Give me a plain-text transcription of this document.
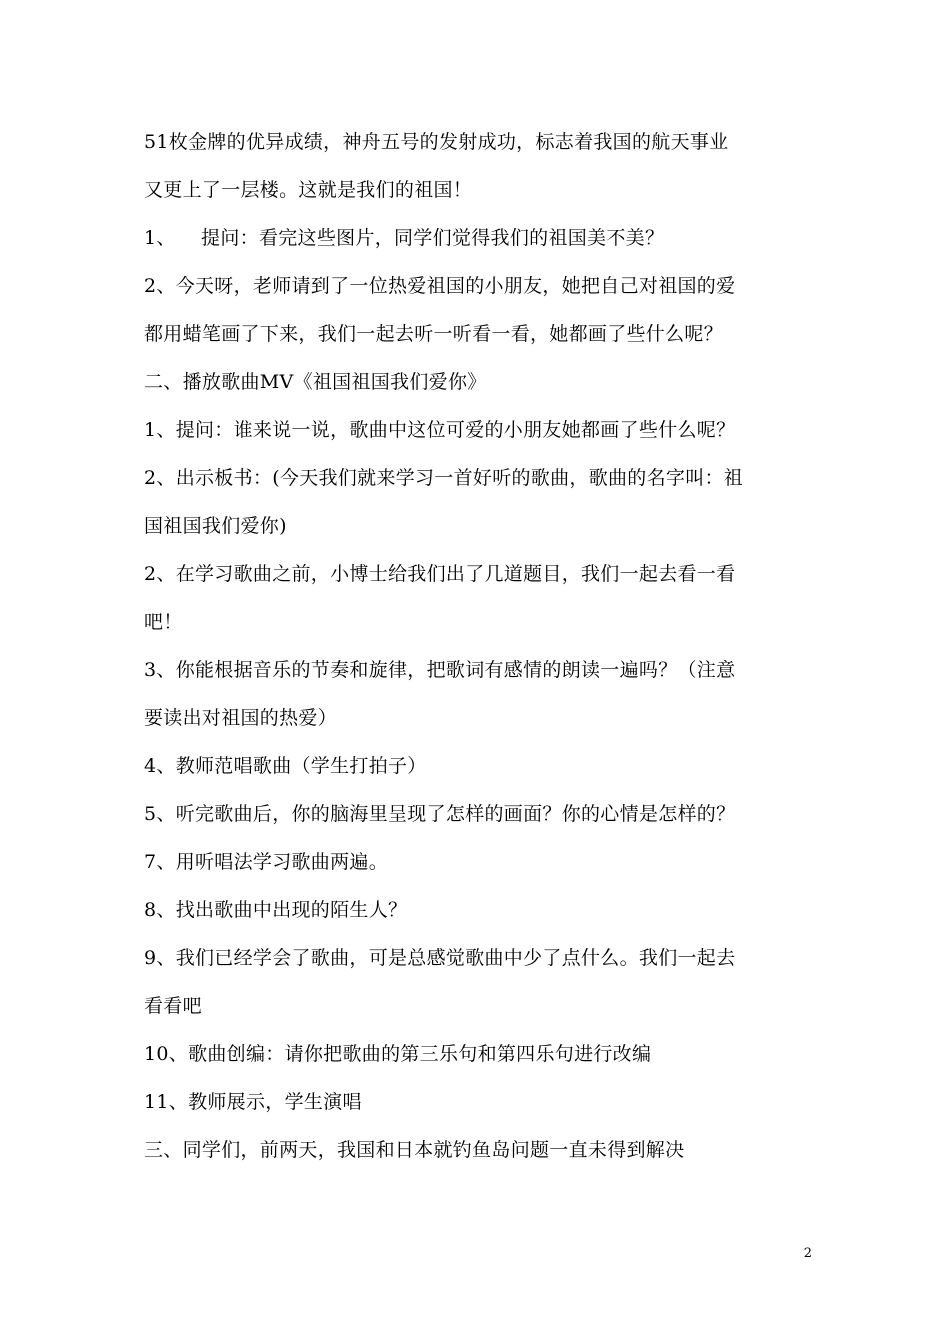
51枚金牌的优异成绩，神舟五号的发射成功，标志着我国的航天事业
又更上了一层楼。这就是我们的祖国！
1、    提问：看完这些图片，同学们觉得我们的祖国美不美？
2、今天呀，老师请到了一位热爱祖国的小朋友，她把自己对祖国的爱
都用蜡笔画了下来，我们一起去听一听看一看，她都画了些什么呢？
二、播放歌曲MV《祖国祖国我们爱你》
1、提问：谁来说一说，歌曲中这位可爱的小朋友她都画了些什么呢？
2、出示板书：(今天我们就来学习一首好听的歌曲，歌曲的名字叫：祖
国祖国我们爱你)
2、在学习歌曲之前，小博士给我们出了几道题目，我们一起去看一看
吧！
3、你能根据音乐的节奏和旋律，把歌词有感情的朗读一遍吗？（注意
要读出对祖国的热爱）
4、教师范唱歌曲（学生打拍子）
5、听完歌曲后，你的脑海里呈现了怎样的画面？你的心情是怎样的？
7、用听唱法学习歌曲两遍。
8、找出歌曲中出现的陌生人？
9、我们已经学会了歌曲，可是总感觉歌曲中少了点什么。我们一起去
看看吧
10、歌曲创编：请你把歌曲的第三乐句和第四乐句进行改编
11、教师展示，学生演唱
三、同学们，前两天，我国和日本就钓鱼岛问题一直未得到解决
2
